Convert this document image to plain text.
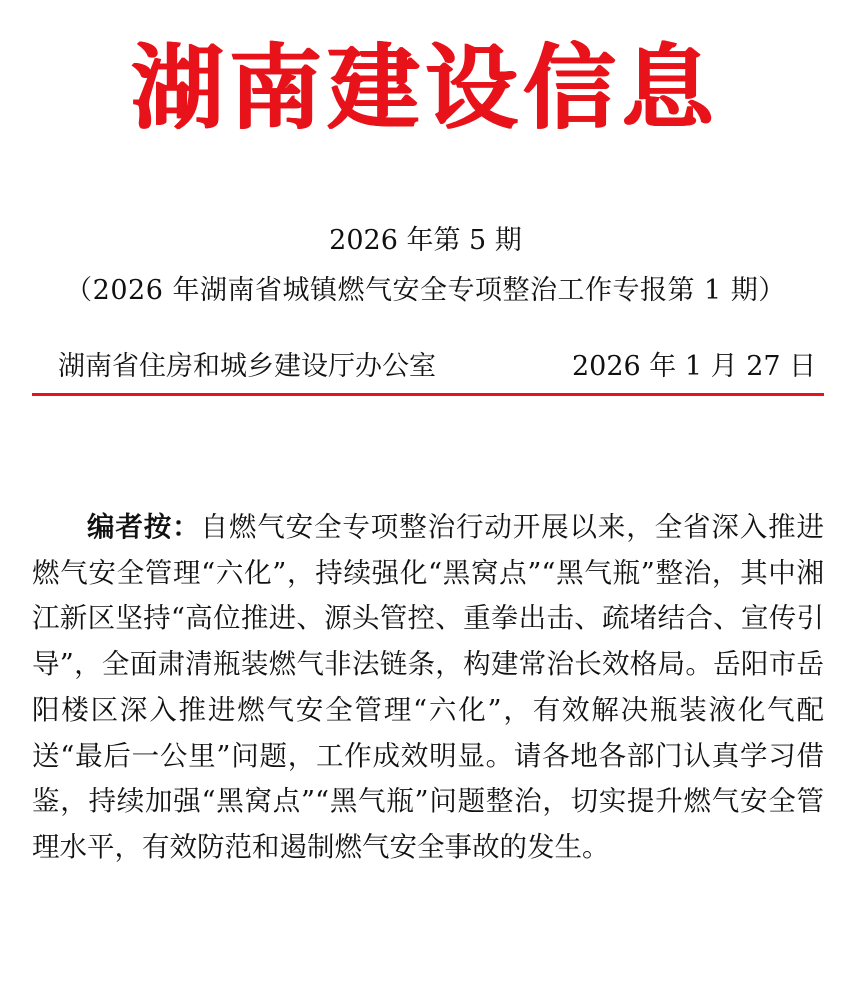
湖南建设信息
2026 年第 5 期
（2026 年湖南省城镇燃气安全专项整治工作专报第 1 期）
湖南省住房和城乡建设厅办公室	2026 年 1 月 27 日
编者按：自燃气安全专项整治行动开展以来，全省深入推进燃气安全管理“六化”，持续强化“黑窝点”“黑气瓶”整治，其中湘江新区坚持“高位推进、源头管控、重拳出击、疏堵结合、宣传引导”，全面肃清瓶装燃气非法链条，构建常治长效格局。岳阳市岳阳楼区深入推进燃气安全管理“六化”，有效解决瓶装液化气配送“最后一公里”问题，工作成效明显。请各地各部门认真学习借鉴，持续加强“黑窝点”“黑气瓶”问题整治，切实提升燃气安全管理水平，有效防范和遏制燃气安全事故的发生。
